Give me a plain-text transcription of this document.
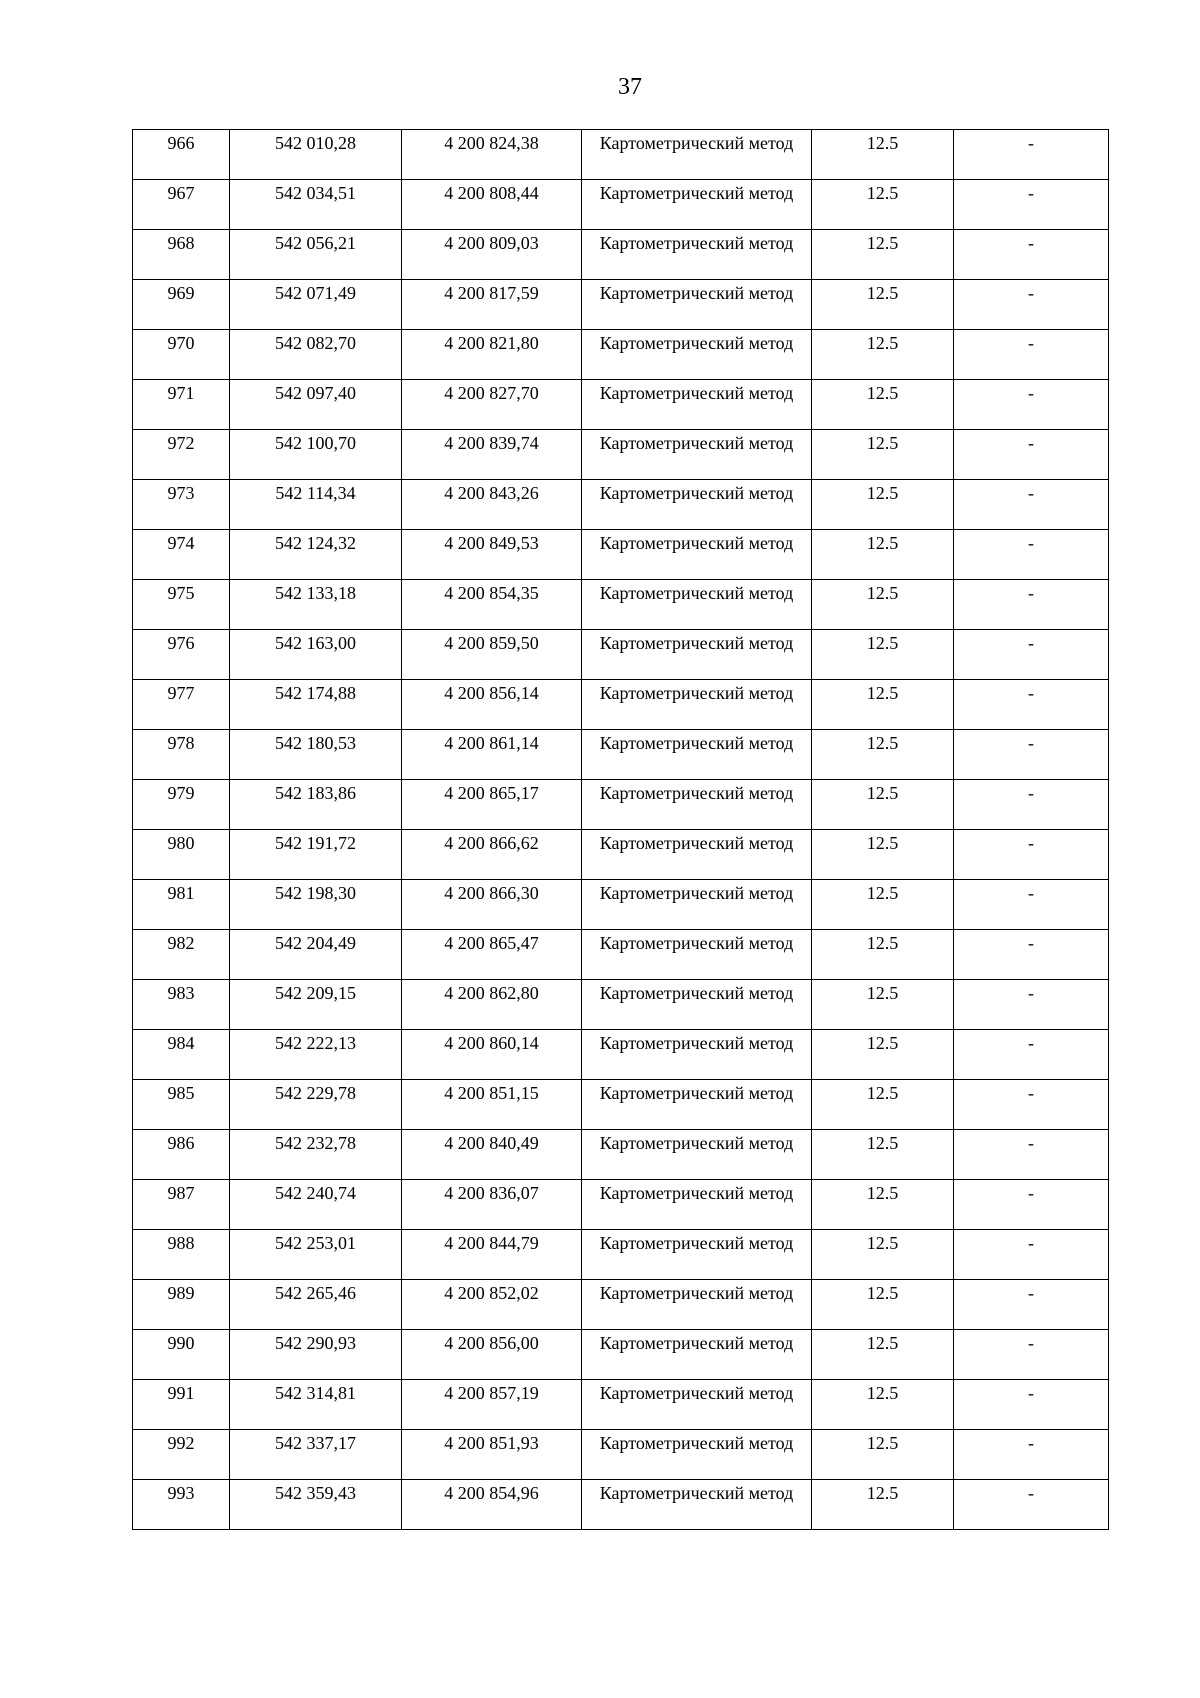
37
966	542 010,28	4 200 824,38	Картометрический метод	12.5	-

967	542 034,51	4 200 808,44	Картометрический метод	12.5	-

968	542 056,21	4 200 809,03	Картометрический метод	12.5	-

969	542 071,49	4 200 817,59	Картометрический метод	12.5	-

970	542 082,70	4 200 821,80	Картометрический метод	12.5	-

971	542 097,40	4 200 827,70	Картометрический метод	12.5	-

972	542 100,70	4 200 839,74	Картометрический метод	12.5	-

973	542 114,34	4 200 843,26	Картометрический метод	12.5	-

974	542 124,32	4 200 849,53	Картометрический метод	12.5	-

975	542 133,18	4 200 854,35	Картометрический метод	12.5	-

976	542 163,00	4 200 859,50	Картометрический метод	12.5	-

977	542 174,88	4 200 856,14	Картометрический метод	12.5	-

978	542 180,53	4 200 861,14	Картометрический метод	12.5	-

979	542 183,86	4 200 865,17	Картометрический метод	12.5	-

980	542 191,72	4 200 866,62	Картометрический метод	12.5	-

981	542 198,30	4 200 866,30	Картометрический метод	12.5	-

982	542 204,49	4 200 865,47	Картометрический метод	12.5	-

983	542 209,15	4 200 862,80	Картометрический метод	12.5	-

984	542 222,13	4 200 860,14	Картометрический метод	12.5	-

985	542 229,78	4 200 851,15	Картометрический метод	12.5	-

986	542 232,78	4 200 840,49	Картометрический метод	12.5	-

987	542 240,74	4 200 836,07	Картометрический метод	12.5	-

988	542 253,01	4 200 844,79	Картометрический метод	12.5	-

989	542 265,46	4 200 852,02	Картометрический метод	12.5	-

990	542 290,93	4 200 856,00	Картометрический метод	12.5	-

991	542 314,81	4 200 857,19	Картометрический метод	12.5	-

992	542 337,17	4 200 851,93	Картометрический метод	12.5	-

993	542 359,43	4 200 854,96	Картометрический метод	12.5	-
